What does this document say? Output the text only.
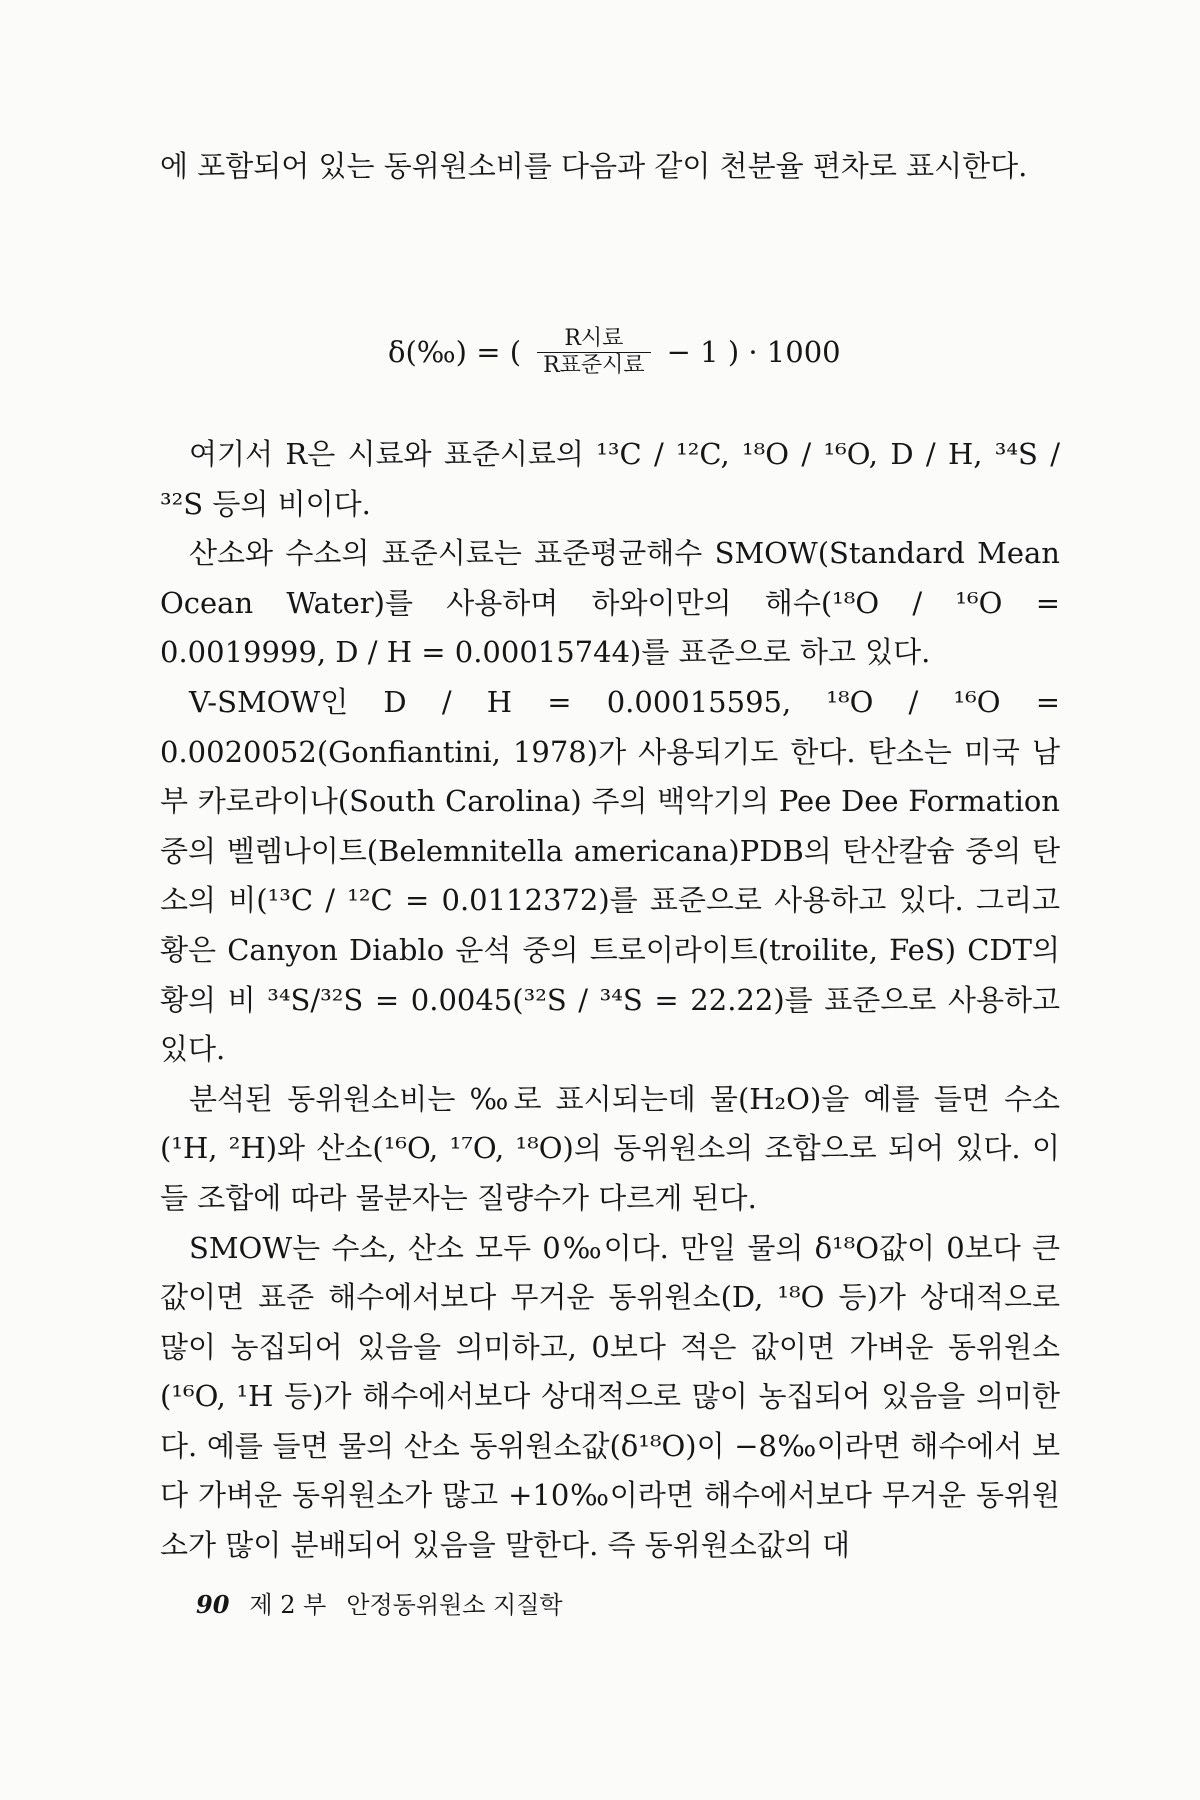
에 포함되어 있는 동위원소비를 다음과 같이 천분율 편차로 표시한다.

δ(‰) = ( $\frac{\text{R시료}}{\text{R표준시료}} - 1$ ) · 1000

여기서 R은 시료와 표준시료의 ¹³C / ¹²C, ¹⁸O / ¹⁶O, D / H, ³⁴S / ³²S 등의 비이다.

산소와 수소의 표준시료는 표준평균해수 SMOW(Standard Mean Ocean Water)를 사용하며 하와이만의 해수(¹⁸O / ¹⁶O = 0.0019999, D / H = 0.00015744)를 표준으로 하고 있다.

V-SMOW인 D / H = 0.00015595, ¹⁸O / ¹⁶O = 0.0020052(Gonfiantini, 1978)가 사용되기도 한다. 탄소는 미국 남부 카로라이나(South Carolina) 주의 백악기의 Pee Dee Formation 중의 벨렘나이트(Belemnitella americana)PDB의 탄산칼슘 중의 탄소의 비(¹³C / ¹²C = 0.0112372)를 표준으로 사용하고 있다. 그리고 황은 Canyon Diablo 운석 중의 트로이라이트(troilite, FeS) CDT의 황의 비 ³⁴S/³²S = 0.0045(³²S / ³⁴S = 22.22)를 표준으로 사용하고 있다.

분석된 동위원소비는 ‰로 표시되는데 물(H₂O)을 예를 들면 수소(¹H, ²H)와 산소(¹⁶O, ¹⁷O, ¹⁸O)의 동위원소의 조합으로 되어 있다. 이들 조합에 따라 물분자는 질량수가 다르게 된다.

SMOW는 수소, 산소 모두 0‰이다. 만일 물의 δ¹⁸O값이 0보다 큰 값이면 표준 해수에서보다 무거운 동위원소(D, ¹⁸O 등)가 상대적으로 많이 농집되어 있음을 의미하고, 0보다 적은 값이면 가벼운 동위원소(¹⁶O, ¹H 등)가 해수에서보다 상대적으로 많이 농집되어 있음을 의미한다. 예를 들면 물의 산소 동위원소값(δ¹⁸O)이 −8‰이라면 해수에서 보다 가벼운 동위원소가 많고 +10‰이라면 해수에서보다 무거운 동위원소가 많이 분배되어 있음을 말한다. 즉 동위원소값의 대

90 제 2 부 안정동위원소 지질학
